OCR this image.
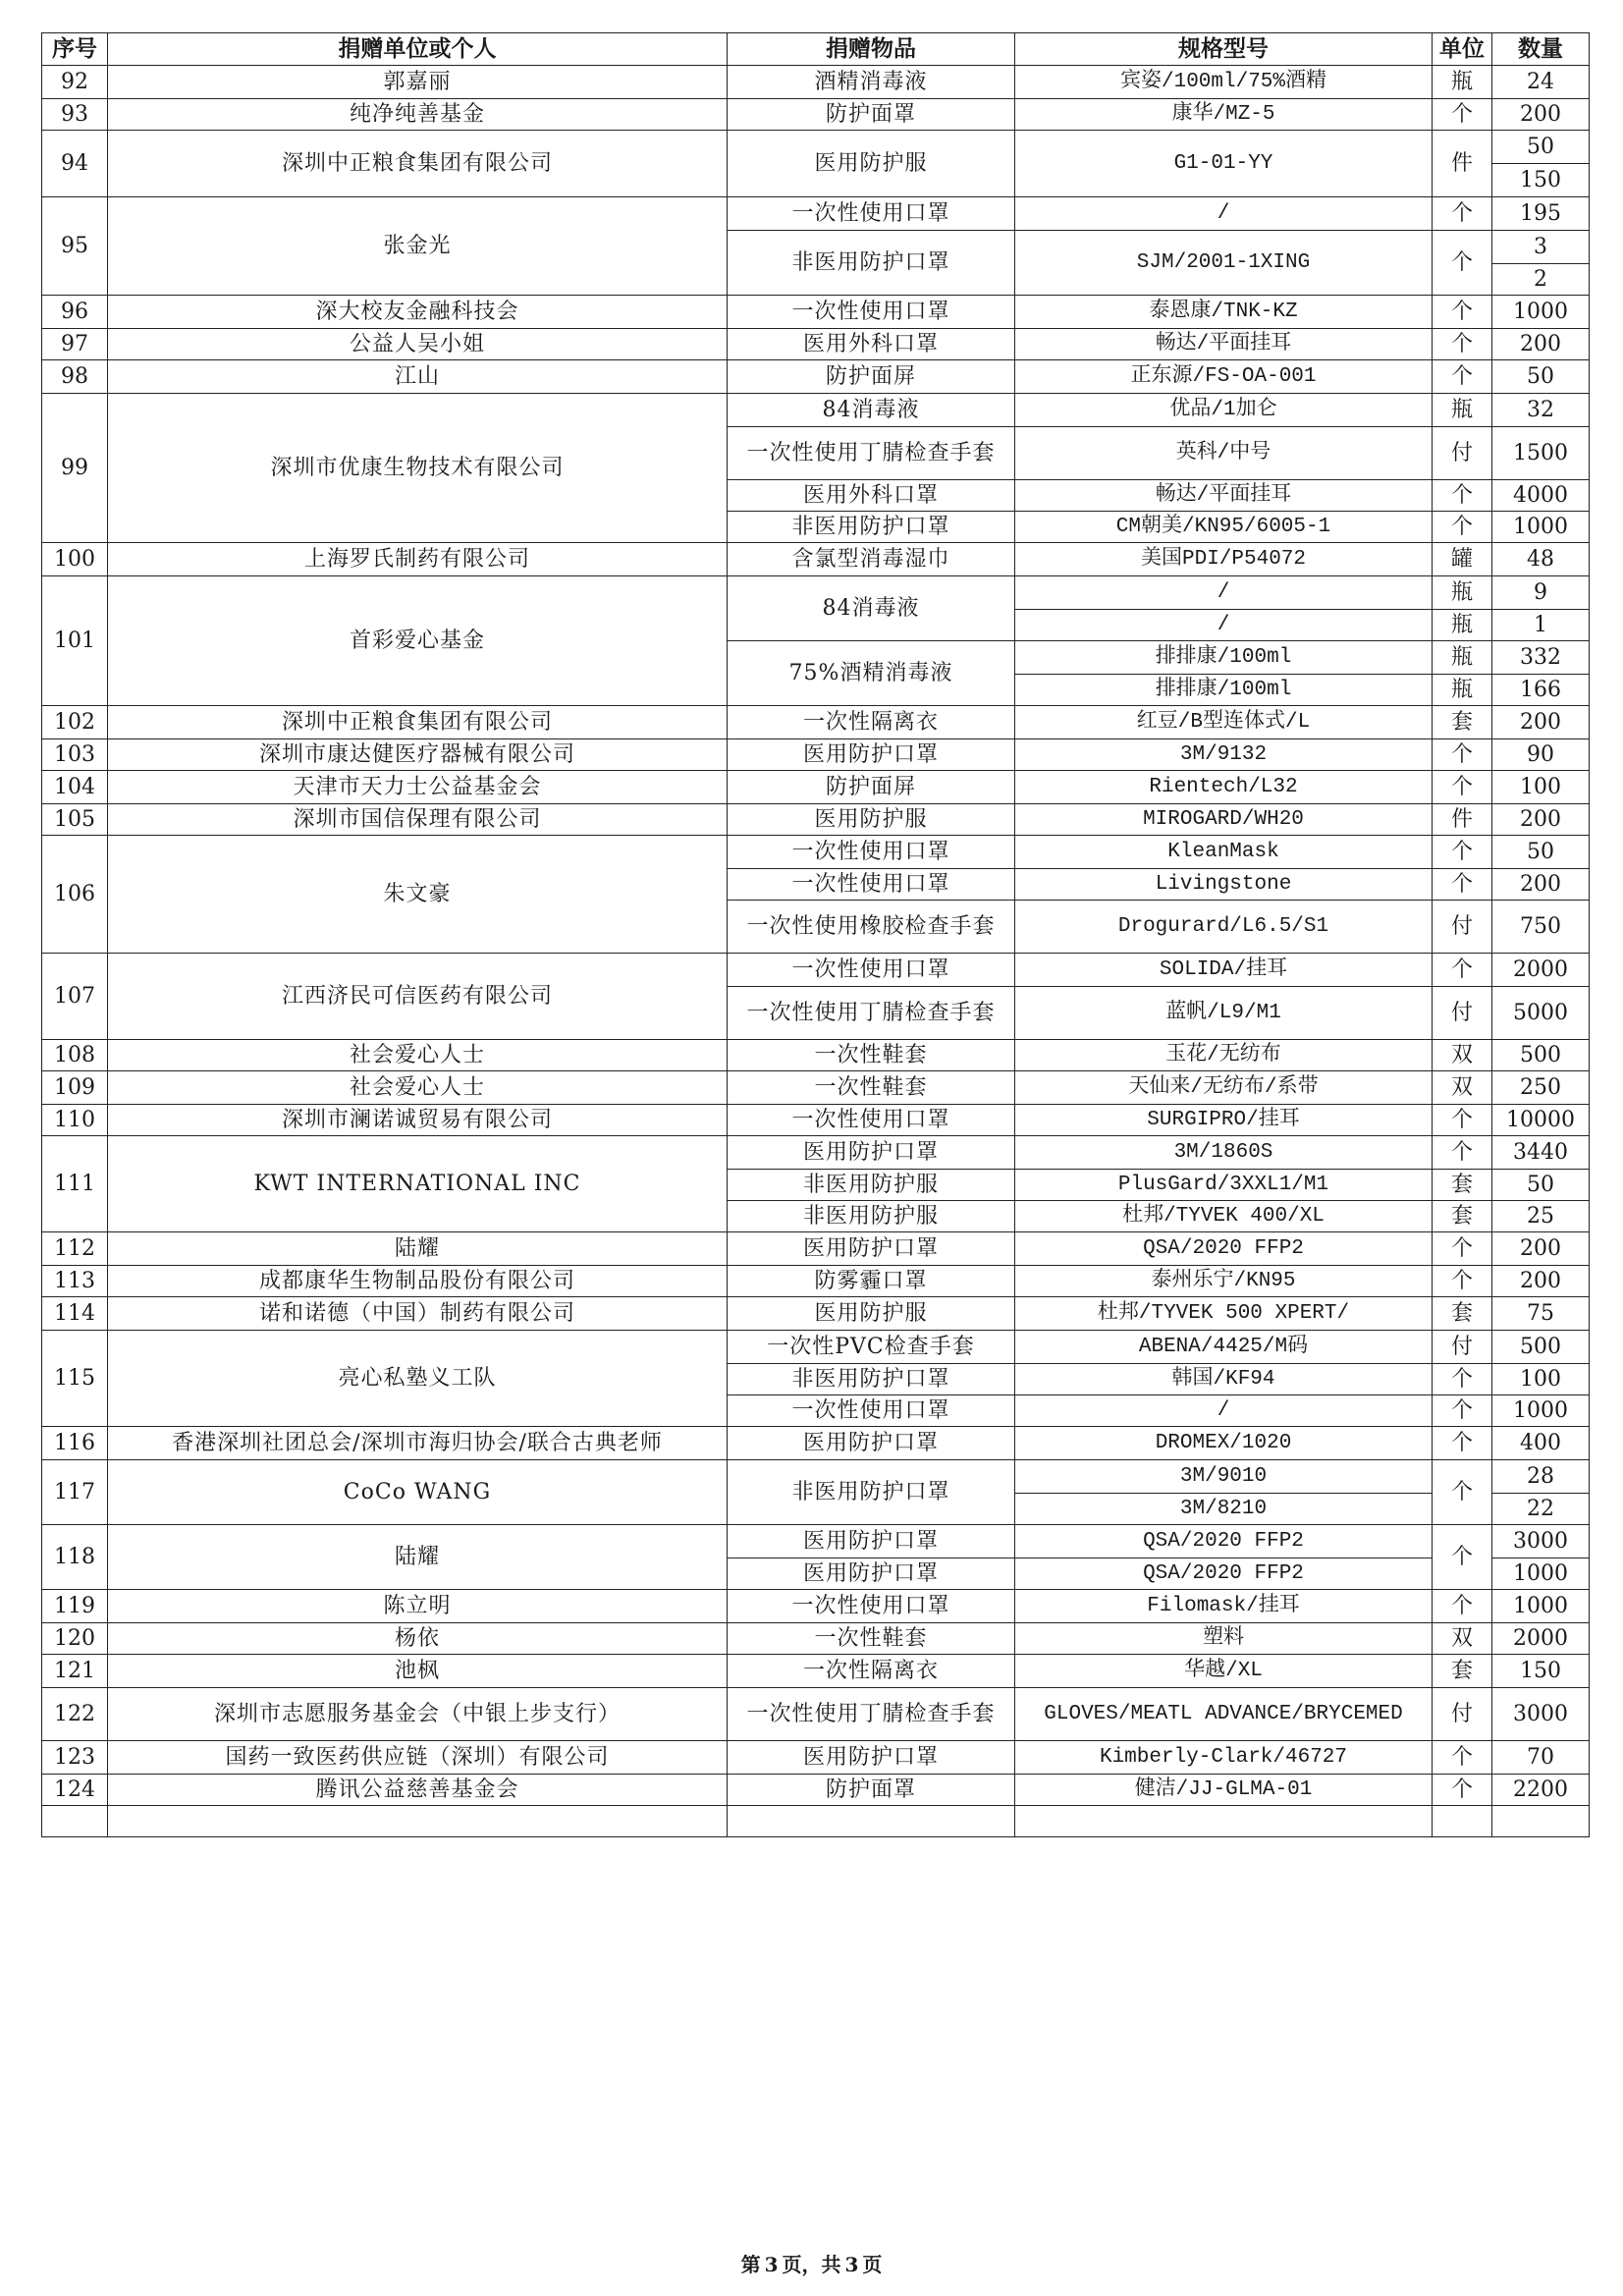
序号	捐赠单位或个人	捐赠物品	规格型号	单位	数量
92	郭嘉丽	酒精消毒液	宾姿/100ml/75%酒精	瓶	24
93	纯净纯善基金	防护面罩	康华/MZ-5	个	200
94	深圳中正粮食集团有限公司	医用防护服	G1-01-YY	件	50
					150
95	张金光	一次性使用口罩	/	个	195
		非医用防护口罩	SJM/2001-1XING	个	3
					2
96	深大校友金融科技会	一次性使用口罩	泰恩康/TNK-KZ	个	1000
97	公益人吴小姐	医用外科口罩	畅达/平面挂耳	个	200
98	江山	防护面屏	正东源/FS-OA-001	个	50
99	深圳市优康生物技术有限公司	84消毒液	优品/1加仑	瓶	32
		一次性使用丁腈检查手套	英科/中号	付	1500
		医用外科口罩	畅达/平面挂耳	个	4000
		非医用防护口罩	CM朝美/KN95/6005-1	个	1000
100	上海罗氏制药有限公司	含氯型消毒湿巾	美国PDI/P54072	罐	48
101	首彩爱心基金	84消毒液	/	瓶	9
			/	瓶	1
		75%酒精消毒液	排排康/100ml	瓶	332
			排排康/100ml	瓶	166
102	深圳中正粮食集团有限公司	一次性隔离衣	红豆/B型连体式/L	套	200
103	深圳市康达健医疗器械有限公司	医用防护口罩	3M/9132	个	90
104	天津市天力士公益基金会	防护面屏	Rientech/L32	个	100
105	深圳市国信保理有限公司	医用防护服	MIROGARD/WH20	件	200
106	朱文豪	一次性使用口罩	KleanMask	个	50
		一次性使用口罩	Livingstone	个	200
		一次性使用橡胶检查手套	Drogurard/L6.5/S1	付	750
107	江西济民可信医药有限公司	一次性使用口罩	SOLIDA/挂耳	个	2000
		一次性使用丁腈检查手套	蓝帆/L9/M1	付	5000
108	社会爱心人士	一次性鞋套	玉花/无纺布	双	500
109	社会爱心人士	一次性鞋套	天仙来/无纺布/系带	双	250
110	深圳市澜诺诚贸易有限公司	一次性使用口罩	SURGIPRO/挂耳	个	10000
111	KWT INTERNATIONAL INC	医用防护口罩	3M/1860S	个	3440
		非医用防护服	PlusGard/3XXL1/M1	套	50
		非医用防护服	杜邦/TYVEK 400/XL	套	25
112	陆耀	医用防护口罩	QSA/2020 FFP2	个	200
113	成都康华生物制品股份有限公司	防雾霾口罩	泰州乐宁/KN95	个	200
114	诺和诺德（中国）制药有限公司	医用防护服	杜邦/TYVEK 500 XPERT/	套	75
115	亮心私塾义工队	一次性PVC检查手套	ABENA/4425/M码	付	500
		非医用防护口罩	韩国/KF94	个	100
		一次性使用口罩	/	个	1000
116	香港深圳社团总会/深圳市海归协会/联合古典老师	医用防护口罩	DROMEX/1020	个	400
117	CoCo WANG	非医用防护口罩	3M/9010	个	28
			3M/8210		22
118	陆耀	医用防护口罩	QSA/2020 FFP2	个	3000
		医用防护口罩	QSA/2020 FFP2		1000
119	陈立明	一次性使用口罩	Filomask/挂耳	个	1000
120	杨依	一次性鞋套	塑料	双	2000
121	池枫	一次性隔离衣	华越/XL	套	150
122	深圳市志愿服务基金会（中银上步支行）	一次性使用丁腈检查手套	GLOVES/MEATL ADVANCE/BRYCEMED	付	3000
123	国药一致医药供应链（深圳）有限公司	医用防护口罩	Kimberly-Clark/46727	个	70
124	腾讯公益慈善基金会	防护面罩	健洁/JJ-GLMA-01	个	2200

第 3 页，共 3 页
